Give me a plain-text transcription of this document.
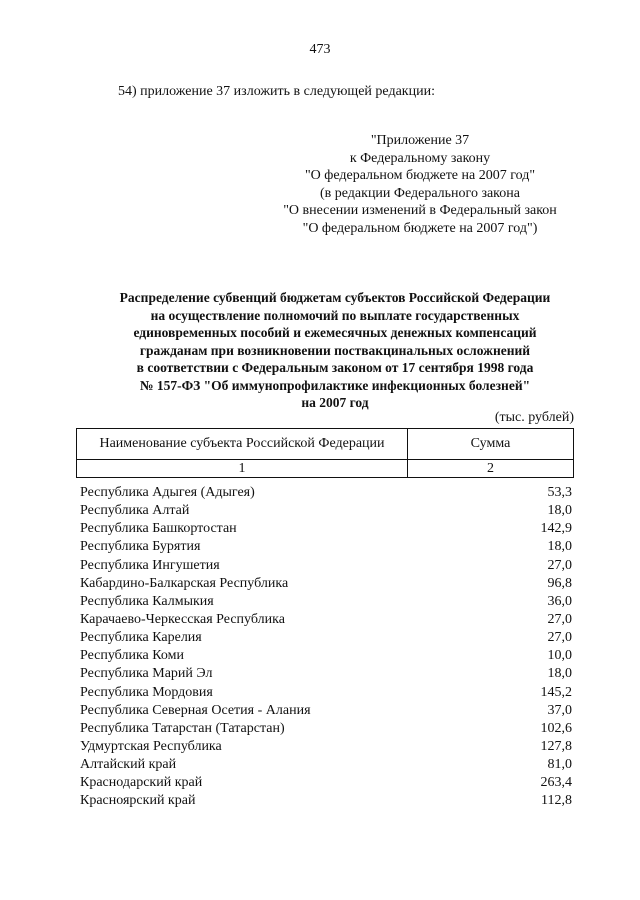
473
54) приложение 37 изложить в следующей редакции:
"Приложение 37
к Федеральному закону
"О федеральном бюджете на 2007 год"
(в редакции Федерального закона
"О внесении изменений в Федеральный закон
"О федеральном бюджете на 2007 год")
Распределение субвенций бюджетам субъектов Российской Федерации
на осуществление полномочий по выплате государственных
единовременных пособий и ежемесячных денежных компенсаций
гражданам при возникновении поствакцинальных осложнений
в соответствии с Федеральным законом от 17 сентября 1998 года
№ 157-ФЗ "Об иммунопрофилактике инфекционных болезней"
на 2007 год
(тыс. рублей)
Наименование субъекта Российской Федерации	Сумма
1	2
Республика Адыгея (Адыгея)	53,3
Республика Алтай	18,0
Республика Башкортостан	142,9
Республика Бурятия	18,0
Республика Ингушетия	27,0
Кабардино-Балкарская Республика	96,8
Республика Калмыкия	36,0
Карачаево-Черкесская Республика	27,0
Республика Карелия	27,0
Республика Коми	10,0
Республика Марий Эл	18,0
Республика Мордовия	145,2
Республика Северная Осетия - Алания	37,0
Республика Татарстан (Татарстан)	102,6
Удмуртская Республика	127,8
Алтайский край	81,0
Краснодарский край	263,4
Красноярский край	112,8
